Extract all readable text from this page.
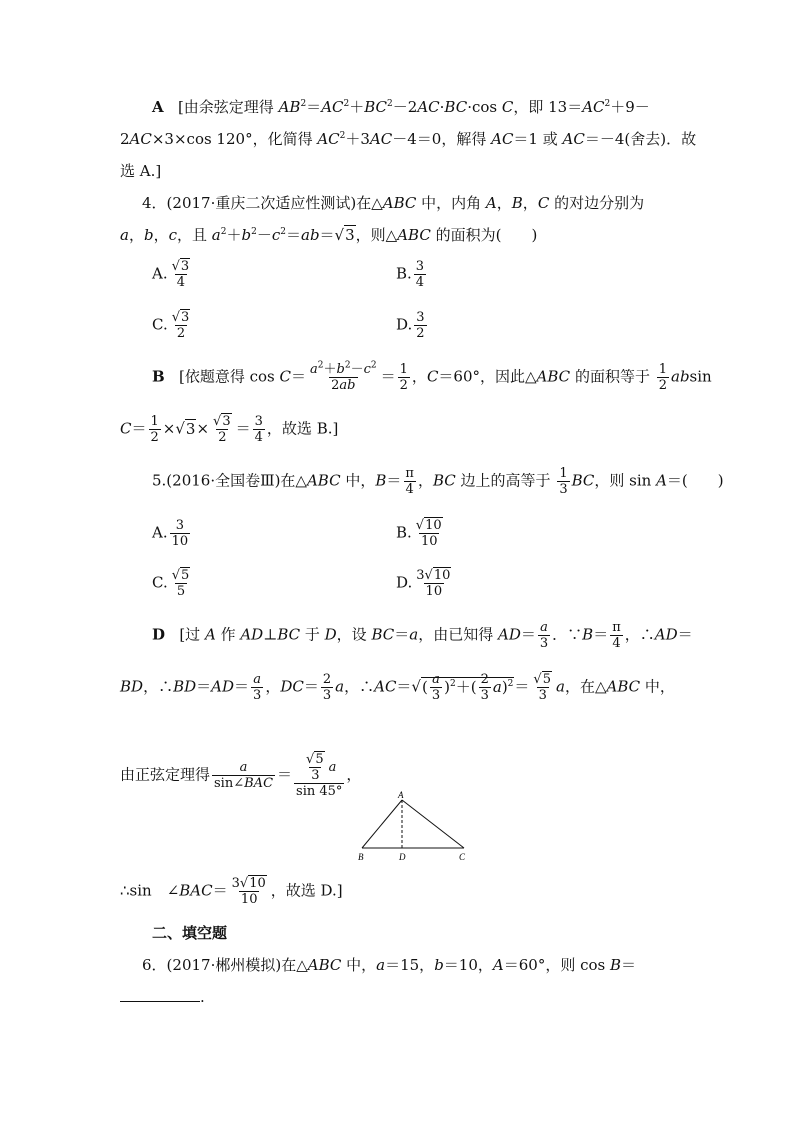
A   [由余弦定理得 $AB^2=AC^2+BC^2-2AC\cdot BC\cdot\cos$ C，即 $13=AC^2+9-$
2AC×3×cos 120°，化简得 $AC^2+3AC-4=0$，解得 AC＝1 或 AC＝－4(舍去)．故
选 A.]
4．(2017·重庆二次适应性测试)在△ABC 中，内角 A，B，C 的对边分别为
a，b，c，且 $a^2+b^2-c^2=ab=√3$，则△ABC 的面积为(　　)
A. $\frac{√3}{4}$	B. $\frac{3}{4}$
C. $\frac{√3}{2}$	D. $\frac{3}{2}$
B   [依题意得 $\cos C= \frac{a^2+b^2-c^2}{2ab} = \frac{1}{2}$ ，C＝60°，因此△ABC 的面积等于 $\frac{1}{2}$ absin
$C= \frac{1}{2} \times√3\times \frac{√3}{2} = \frac{3}{4}$ ，故选 B.]
5.(2016·全国卷Ⅲ)在△ABC 中，$B= \frac{\pi}{4}$ ，BC 边上的高等于 $\frac{1}{3}$ BC，则 sin A＝(　　)
A. $\frac{3}{10}$	B. $\frac{√10}{10}$
C. $\frac{√5}{5}$	D. $\frac{3√10}{10}$
D   [过 A 作 AD⊥BC 于 D，设 BC＝a，由已知得 $AD= \frac{a}{3}$ ．∵B＝ $\frac{\pi}{4}$ ，∴AD＝
BD，∴BD＝AD＝ $\frac{a}{3}$ ，$DC= \frac{2}{3}$ a，∴AC＝√( $\frac{a}{3} )^2+( \frac{2}{3} a)^2= \frac{√5}{3}$ a，在△ABC 中，
由正弦定理得 $\frac{a}{\text{sin∠BAC}} = \frac{\frac{√5}{3} a}{\sin 45^\circ}$ ，
A
B	D	C
∴sin　∠BAC＝ $\frac{3√10}{10}$ ，故选 D.]
二、填空题
6．(2017·郴州模拟)在△ABC 中，a＝15，b＝10，A＝60°，则 cos B＝
.
